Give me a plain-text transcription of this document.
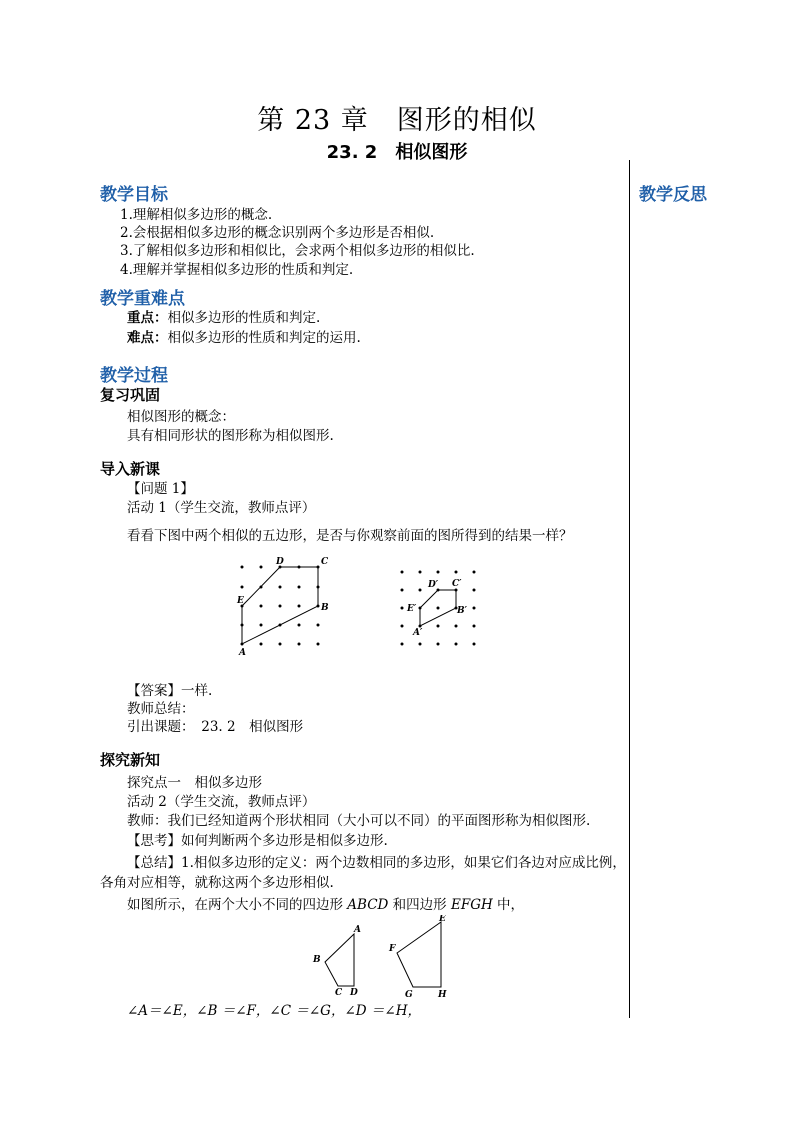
第 23 章　图形的相似
23. 2　相似图形
教学反思
教学目标
1.理解相似多边形的概念.
2.会根据相似多边形的概念识别两个多边形是否相似.
3.了解相似多边形和相似比，会求两个相似多边形的相似比.
4.理解并掌握相似多边形的性质和判定.
教学重难点
重点：相似多边形的性质和判定.
难点：相似多边形的性质和判定的运用.
教学过程
复习巩固
相似图形的概念：
具有相同形状的图形称为相似图形.
导入新课
【问题 1】
活动 1（学生交流，教师点评）
看看下图中两个相似的五边形，是否与你观察前面的图所得到的结果一样？
D	C
E
B
A
D′ C′
E′	B′
A′
【答案】一样.
教师总结：
引出课题：　23. 2　相似图形
探究新知
探究点一　相似多边形
活动 2（学生交流，教师点评）
教师：我们已经知道两个形状相同（大小可以不同）的平面图形称为相似图形.
【思考】如何判断两个多边形是相似多边形.
【总结】1.相似多边形的定义：两个边数相同的多边形，如果它们各边对应成比例，
各角对应相等，就称这两个多边形相似.
如图所示，在两个大小不同的四边形 ABCD 和四边形 EFGH 中，
A
B
C D
E
F
G	H
∠A＝∠E，∠B ＝∠F，∠C ＝∠G，∠D ＝∠H，
